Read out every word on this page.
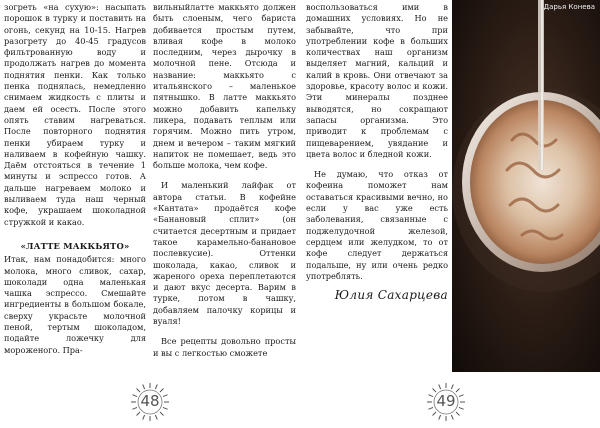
зогреть «на сухую»: насыпать порошок в турку и поставить на огонь, секунд на 10-15. Нагрев разогрету до 40-45 градусов фильтрованную воду и продолжать нагрев до момента поднятия пенки. Как только пенка поднялась, немедленно снимаем жидкость с плиты и даем ей осесть. После этого опять ставим нагреваться. После повторного поднятия пенки убираем турку и наливаем в кофейную чашку. Даём отстояться в течение 1 минуты и эспрессо готов. А дальше нагреваем молоко и выливаем туда наш черный кофе, украшаем шоколадной стружкой и какао.

«ЛАТТЕ МАККЬЯТО»

Итак, нам понадобится: много молока, много сливок, сахар, шоколади одна маленькая чашка эспрессо. Смешайте ингредиенты в большом бокале, сверху украсьте молочной пеной, тертым шоколадом, подайте ложечку для мороженого. Пра-

вильныйлатте маккьято должен быть слоеным, чего бариста добивается простым путем, вливая кофе в молоко последним, через дырочку в молочной пене. Отсюда и название: маккьято с итальянского – маленькое пятнышко. В латте маккьято можно добавить капельку ликера, подавать теплым или горячим. Можно пить утром, днем и вечером – таким мягкий напиток не помешает, ведь это больше молока, чем кофе.

И маленький лайфак от автора статьи. В кофейне «Кантата» продаётся кофе «Банановый сплит» (он считается десертным и придает такое карамельно-банановое послевкусие). Оттенки шоколада, какао, сливок и жареного ореха переплетаются и дают вкус десерта. Варим в турке, потом в чашку, добавляем палочку корицы и вуаля!

Все рецепты довольно просты и вы с легкостью сможете

48

воспользоваться ими в домашних условиях. Но не забывайте, что при употреблении кофе в больших количествах наш организм выделяет магний, кальций и калий в кровь. Они отвечают за здоровье, красоту волос и кожи. Эти минералы позднее выводятся, но сокращают запасы организма. Это приводит к проблемам с пищеварением, увядание и цвета волос и бледной кожи.

Не думаю, что отказ от кофеина поможет нам оставаться красивыми вечно, но если у вас уже есть заболевания, связанные с поджелудочной железой, сердцем или желудком, то от кофе следует держаться подальше, ну или очень редко употреблять.

Юлия Сахарцева
Дарья Конева
49
